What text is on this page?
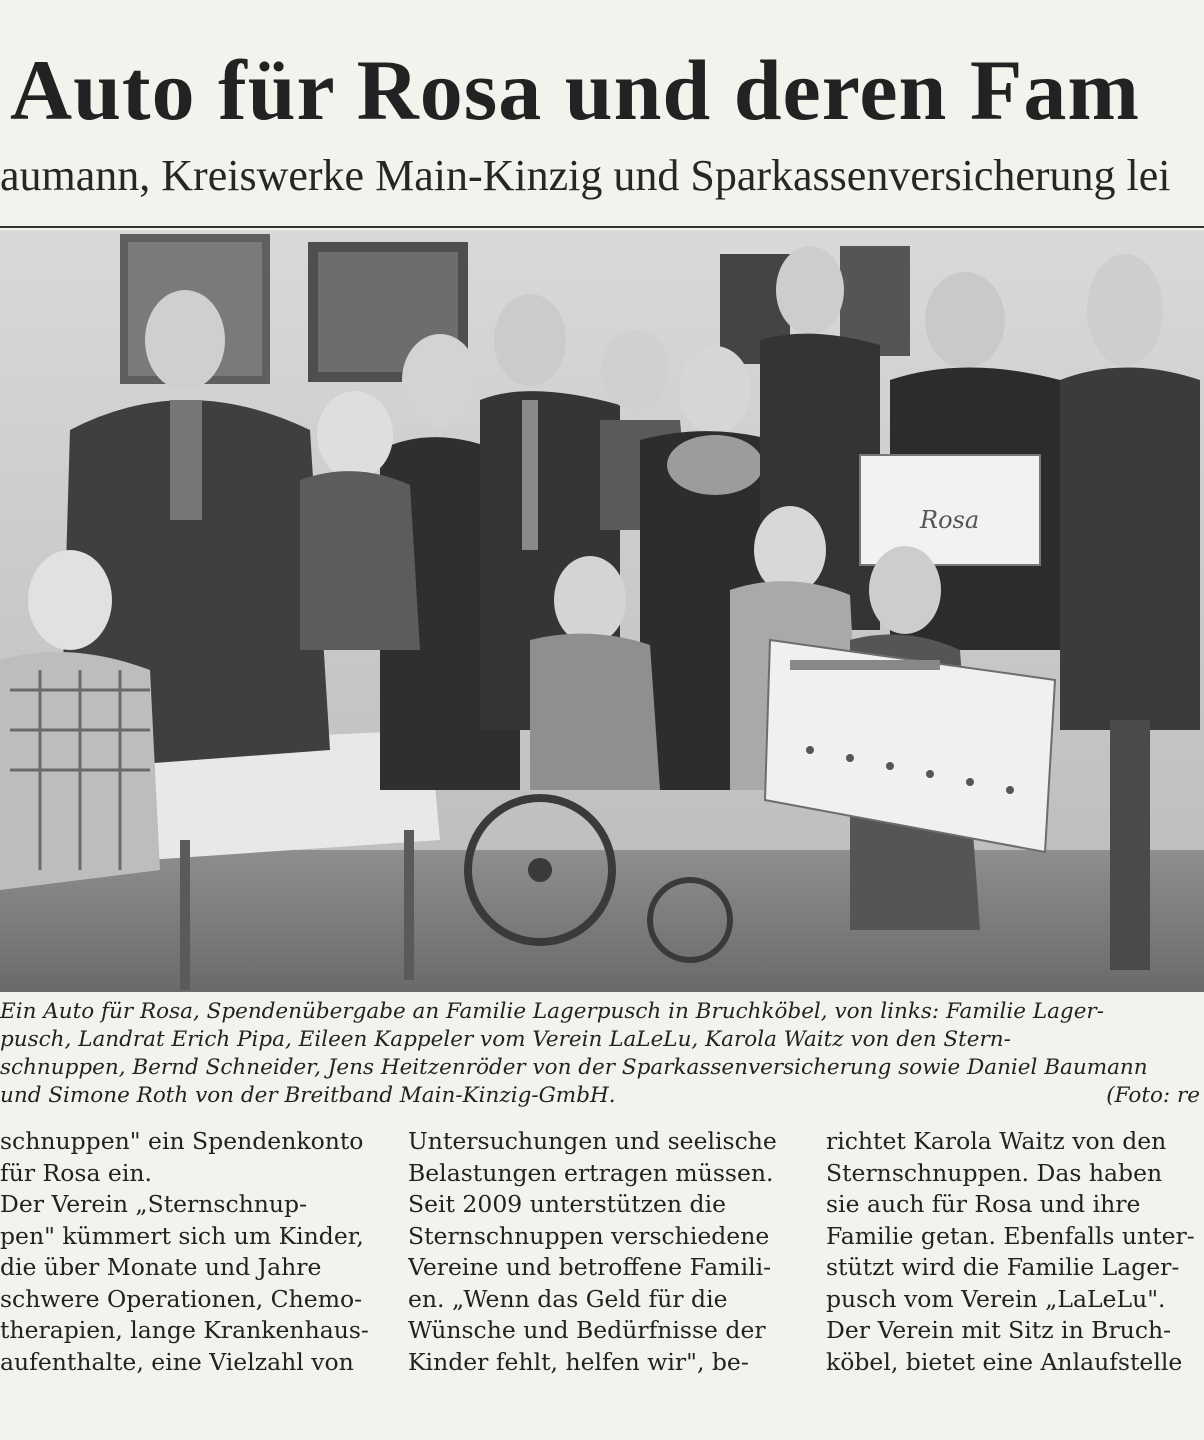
Auto für Rosa und deren Fam
aumann, Kreiswerke Main-Kinzig und Sparkassenversicherung lei
Rosa
Ein Auto für Rosa, Spendenübergabe an Familie Lagerpusch in Bruchköbel, von links: Familie Lager-
pusch, Landrat Erich Pipa, Eileen Kappeler vom Verein LaLeLu, Karola Waitz von den Stern-
schnuppen, Bernd Schneider, Jens Heitzenröder von der Sparkassenversicherung sowie Daniel Baumann
und Simone Roth von der Breitband Main-Kinzig-GmbH.	(Foto: re
schnuppen" ein Spendenkonto
für Rosa ein.
Der Verein „Sternschnup-
pen" kümmert sich um Kinder,
die über Monate und Jahre
schwere Operationen, Chemo-
therapien, lange Krankenhaus-
aufenthalte, eine Vielzahl von
Untersuchungen und seelische
Belastungen ertragen müssen.
Seit 2009 unterstützen die
Sternschnuppen verschiedene
Vereine und betroffene Famili-
en. „Wenn das Geld für die
Wünsche und Bedürfnisse der
Kinder fehlt, helfen wir", be-
richtet Karola Waitz von den
Sternschnuppen. Das haben
sie auch für Rosa und ihre
Familie getan. Ebenfalls unter-
stützt wird die Familie Lager-
pusch vom Verein „LaLeLu".
Der Verein mit Sitz in Bruch-
köbel, bietet eine Anlaufstelle
